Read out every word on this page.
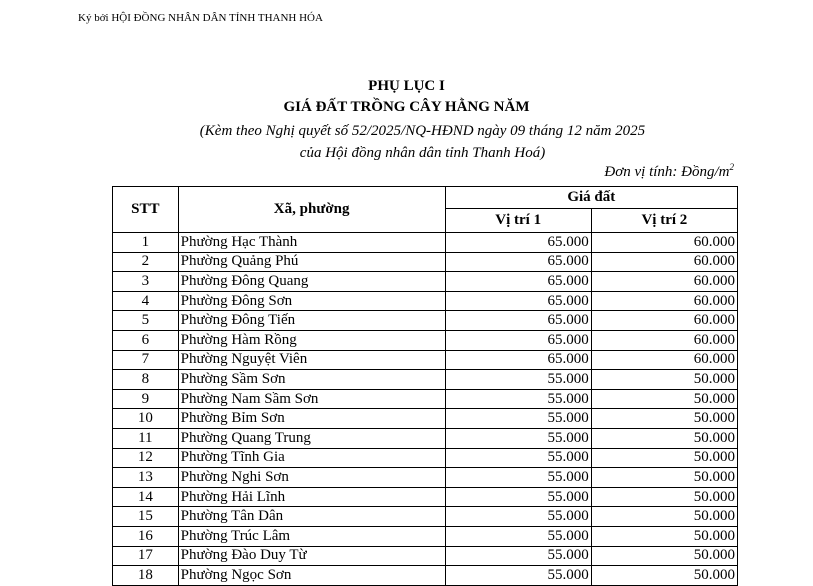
Ký bởi HỘI ĐỒNG NHÂN DÂN TỈNH THANH HÓA
PHỤ LỤC I
GIÁ ĐẤT TRỒNG CÂY HẰNG NĂM
(Kèm theo Nghị quyết số 52/2025/NQ-HĐND ngày 09 tháng 12 năm 2025
của Hội đồng nhân dân tỉnh Thanh Hoá)
Đơn vị tính: Đồng/$m^2$
STT	Xã, phường	Giá đất	
		Vị trí 1	Vị trí 2
1	Phường Hạc Thành	65.000	60.000
2	Phường Quảng Phú	65.000	60.000
3	Phường Đông Quang	65.000	60.000
4	Phường Đông Sơn	65.000	60.000
5	Phường Đông Tiến	65.000	60.000
6	Phường Hàm Rồng	65.000	60.000
7	Phường Nguyệt Viên	65.000	60.000
8	Phường Sầm Sơn	55.000	50.000
9	Phường Nam Sầm Sơn	55.000	50.000
10	Phường Bỉm Sơn	55.000	50.000
11	Phường Quang Trung	55.000	50.000
12	Phường Tĩnh Gia	55.000	50.000
13	Phường Nghi Sơn	55.000	50.000
14	Phường Hải Lĩnh	55.000	50.000
15	Phường Tân Dân	55.000	50.000
16	Phường Trúc Lâm	55.000	50.000
17	Phường Đào Duy Từ	55.000	50.000
18	Phường Ngọc Sơn	55.000	50.000
